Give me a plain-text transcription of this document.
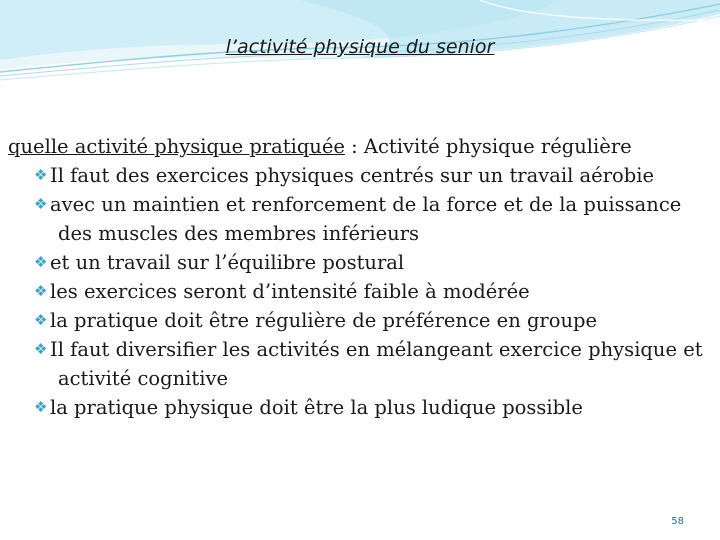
l’activité physique du senior

quelle activité physique pratiquée : Activité physique régulière

❖ Il faut des exercices physiques centrés sur un travail aérobie
❖ avec un maintien et renforcement de la force et de la puissance des muscles des membres inférieurs
❖ et un travail sur l’équilibre postural
❖ les exercices seront d’intensité faible à modérée
❖ la pratique doit être régulière de préférence en groupe
❖ Il faut diversifier les activités en mélangeant exercice physique et activité cognitive
❖ la pratique physique doit être la plus ludique possible
58
